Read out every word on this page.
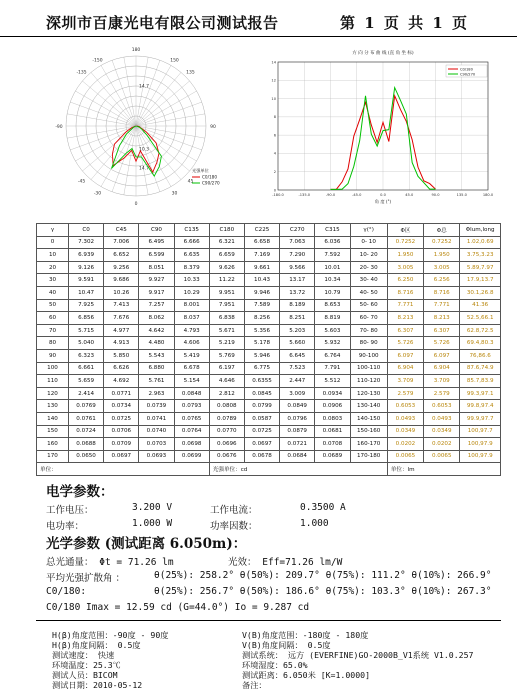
深圳市百康光电有限公司测试报告	第 1 页 共 1 页
180
0
90
-90
-135	135
-45	45
-150	150
-30	30
14.7
10.3
14.7	光强单位
C0/180
C90/270
方 向 分 布 曲 线 (直 角 坐 标)
-180.0	-135.0	-90.0	-45.0	0.0	45.0	90.0	135.0	180.0
0
2
4
6
8
10
12
14
角 度 (°)
C0/180
C90/270
γ	C0	C45	C90	C135	C180	C225	C270	C315	γ(°)	Φ区	Φ总	Φlum,long
0	7.302	7.006	6.495	6.666	6.321	6.658	7.063	6.036	0- 10	0.7252	0.7252	1.02,0.69
10	6.939	6.652	6.599	6.635	6.659	7.169	7.290	7.592	10- 20	1.950	1.950	3.75,3.23
20	9.126	9.256	8.051	8.379	9.626	9.661	9.566	10.01	20- 30	3.005	3.005	5.89,7.97
30	9.591	9.686	9.927	10.33	11.22	10.43	13.17	10.34	30- 40	6.250	6.256	17.9,13.7
40	10.47	10.26	9.917	10.29	9.951	9.946	13.72	10.79	40- 50	8.716	8.716	30.1,26.8
50	7.925	7.413	7.257	8.001	7.951	7.589	8.189	8.653	50- 60	7.771	7.771	41.36
60	6.856	7.676	8.062	8.037	6.838	8.256	8.251	8.819	60- 70	8.213	8.213	52.5,66.1
70	5.715	4.977	4.642	4.793	5.671	5.356	5.203	5.603	70- 80	6.307	6.307	62.8,72.5
80	5.040	4.913	4.480	4.606	5.219	5.178	5.660	5.932	80- 90	5.726	5.726	69.4,80.3
90	6.323	5.850	5.543	5.419	5.769	5.946	6.645	6.764	90-100	6.097	6.097	76,86.6
100	6.661	6.626	6.880	6.678	6.197	6.775	7.523	7.791	100-110	6.904	6.904	87.6,74.9
110	5.659	4.692	5.761	5.154	4.646	0.6355	2.447	5.512	110-120	3.709	3.709	85.7,83.9
120	2.414	0.0771	2.963	0.0848	2.812	0.0845	3.009	0.0934	120-130	2.579	2.579	99.3,97.1
130	0.0769	0.0734	0.0739	0.0793	0.0808	0.0799	0.0849	0.0906	130-140	0.6053	0.6053	99.8,97.4
140	0.0761	0.0725	0.0741	0.0765	0.0789	0.0587	0.0796	0.0803	140-150	0.0493	0.0493	99.9,97.7
150	0.0724	0.0706	0.0740	0.0764	0.0770	0.0725	0.0879	0.0681	150-160	0.0349	0.0349	100,97.7
160	0.0688	0.0709	0.0703	0.0698	0.0696	0.0697	0.0721	0.0708	160-170	0.0202	0.0202	100,97.9
170	0.0650	0.0697	0.0693	0.0699	0.0676	0.0678	0.0684	0.0689	170-180	0.0065	0.0065	100,97.9
单位：					光强单位：cd					单位：lm		
电学参数：
工作电压：	3.200 V	工作电流：	0.3500 A
电功率：	1.000 W	功率因数：	1.000
光学参数 (测试距离 6.050m)：
总光通量： Φt = 71.26 lm	光效： Eff=71.26 lm/W
平均光强扩散角 ：	θ(25%): 258.2° θ(50%): 209.7° θ(75%): 111.2° θ(10%): 266.9°
C0/180:	θ(25%): 256.7° θ(50%): 186.6° θ(75%): 103.3° θ(10%): 267.3°
C0/180 Imax = 12.59 cd (G=44.0°) Io = 9.287 cd
H(β)角度范围：-90度 - 90度
H(β)角度间隔： 0.5度
测试速度： 快速
环境温度：25.3℃
测试人员：BICOM
测试日期：2010-05-12
V(B)角度范围：-180度 - 180度
V(B)角度间隔： 0.5度
测试系统： 远方 (EVERFINE)GO-2000B_V1系统 V1.0.257
环境湿度：65.0%
测试距离：6.050米 [K=1.0000]
备注：
